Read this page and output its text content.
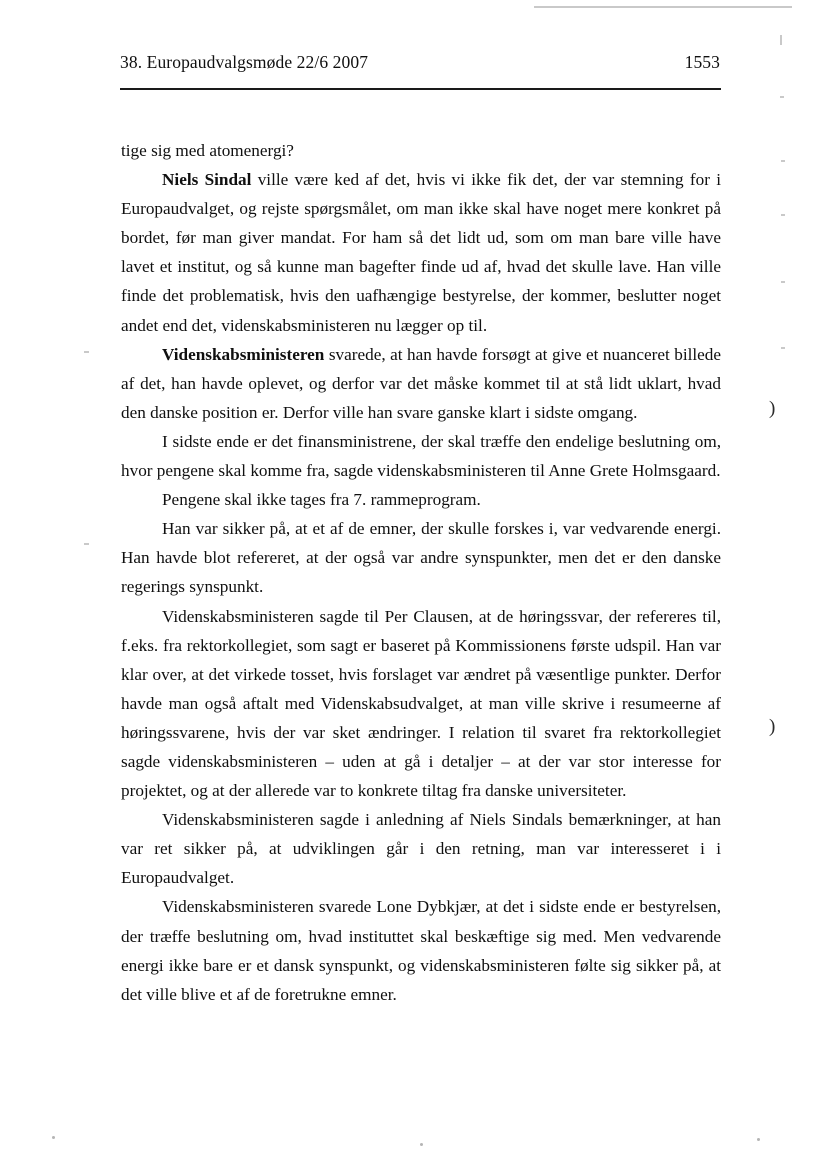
38. Europaudvalgsmøde 22/6 2007	1553

tige sig med atomenergi?

Niels Sindal ville være ked af det, hvis vi ikke fik det, der var stemning for i Europaudvalget, og rejste spørgsmålet, om man ikke skal have noget mere konkret på bordet, før man giver mandat. For ham så det lidt ud, som om man bare ville have lavet et institut, og så kunne man bagefter finde ud af, hvad det skulle lave. Han ville finde det problematisk, hvis den uafhængige bestyrelse, der kommer, beslutter noget andet end det, videnskabsministeren nu lægger op til.

Videnskabsministeren svarede, at han havde forsøgt at give et nuanceret billede af det, han havde oplevet, og derfor var det måske kommet til at stå lidt uklart, hvad den danske position er. Derfor ville han svare ganske klart i sidste omgang.

I sidste ende er det finansministrene, der skal træffe den endelige beslutning om, hvor pengene skal komme fra, sagde videnskabsministeren til Anne Grete Holmsgaard.

Pengene skal ikke tages fra 7. rammeprogram.

Han var sikker på, at et af de emner, der skulle forskes i, var vedvarende energi. Han havde blot refereret, at der også var andre synspunkter, men det er den danske regerings synspunkt.

Videnskabsministeren sagde til Per Clausen, at de høringssvar, der refereres til, f.eks. fra rektorkollegiet, som sagt er baseret på Kommissionens første udspil. Han var klar over, at det virkede tosset, hvis forslaget var ændret på væsentlige punkter. Derfor havde man også aftalt med Videnskabsudvalget, at man ville skrive i resumeerne af høringssvarene, hvis der var sket ændringer. I relation til svaret fra rektorkollegiet sagde videnskabsministeren – uden at gå i detaljer – at der var stor interesse for projektet, og at der allerede var to konkrete tiltag fra danske universiteter.

Videnskabsministeren sagde i anledning af Niels Sindals bemærkninger, at han var ret sikker på, at udviklingen går i den retning, man var interesseret i i Europaudvalget.

Videnskabsministeren svarede Lone Dybkjær, at det i sidste ende er bestyrelsen, der træffe beslutning om, hvad instituttet skal beskæftige sig med. Men vedvarende energi ikke bare er et dansk synspunkt, og videnskabsministeren følte sig sikker på, at det ville blive et af de foretrukne emner.

)
)
